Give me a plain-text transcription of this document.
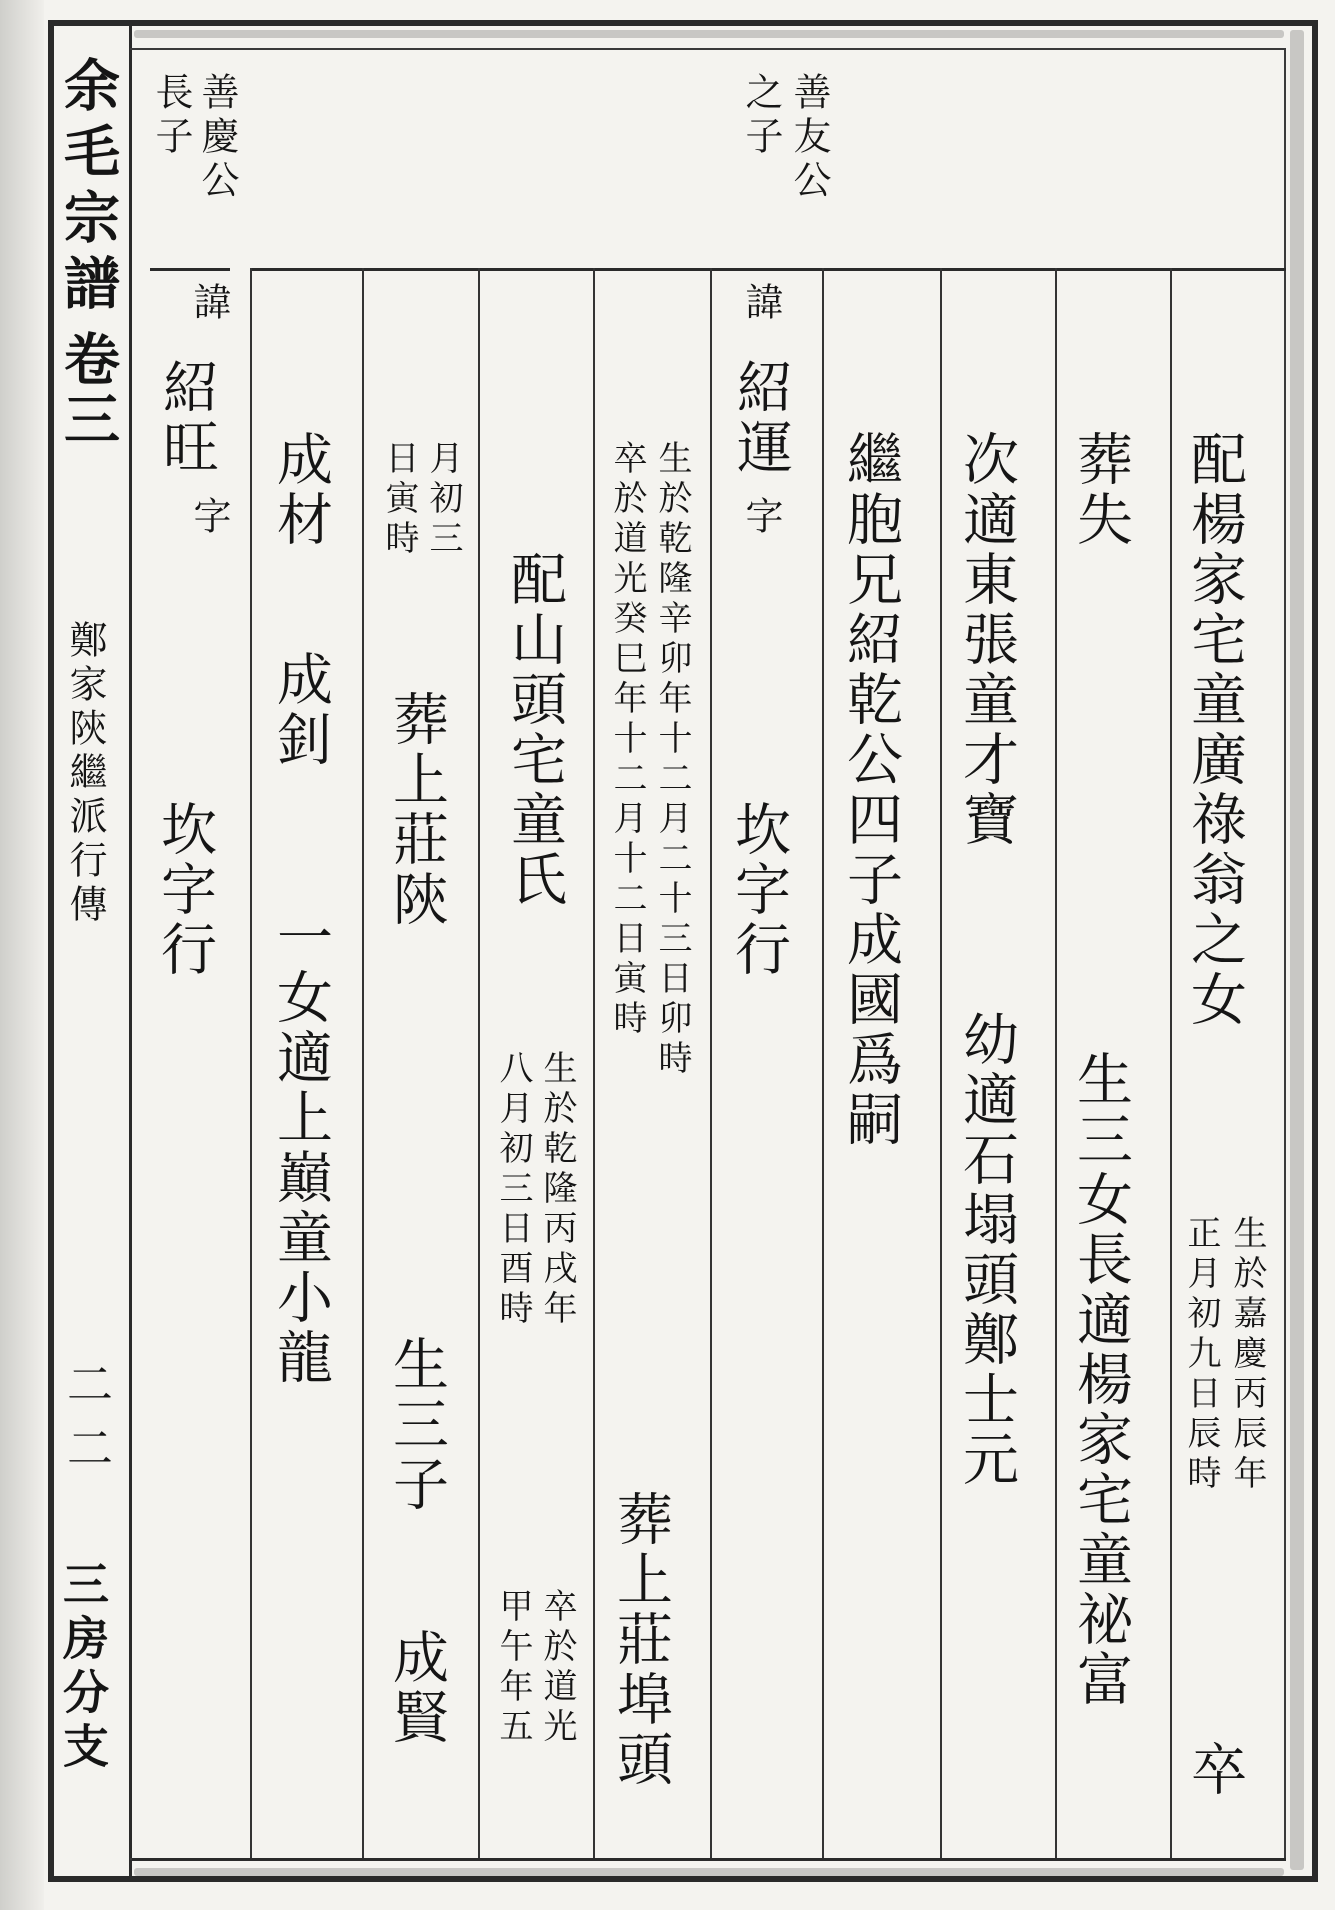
余毛宗譜
卷三
鄭家陝繼派行傳
二二
三房分支
善友公
之子
善慶公
長子
配楊家宅童廣祿翁之女
生於嘉慶丙辰年
正月初九日辰時
卒
葬失
生三女長適楊家宅童祕富
次適東張童才寶
幼適石塌頭鄭士元
繼胞兄紹乾公四子成國爲嗣
諱
紹運
字
坎字行
生於乾隆辛卯年十二月二十三日卯時
卒於道光癸巳年十二月十二日寅時
葬上莊埠頭
配山頭宅童氏
生於乾隆丙戌年
八月初三日酉時
卒於道光
甲午年五
月初三
日寅時
葬上莊陝
生三子
成賢
成材
成釗
一女適上巔童小龍
諱
紹旺
字
坎字行
